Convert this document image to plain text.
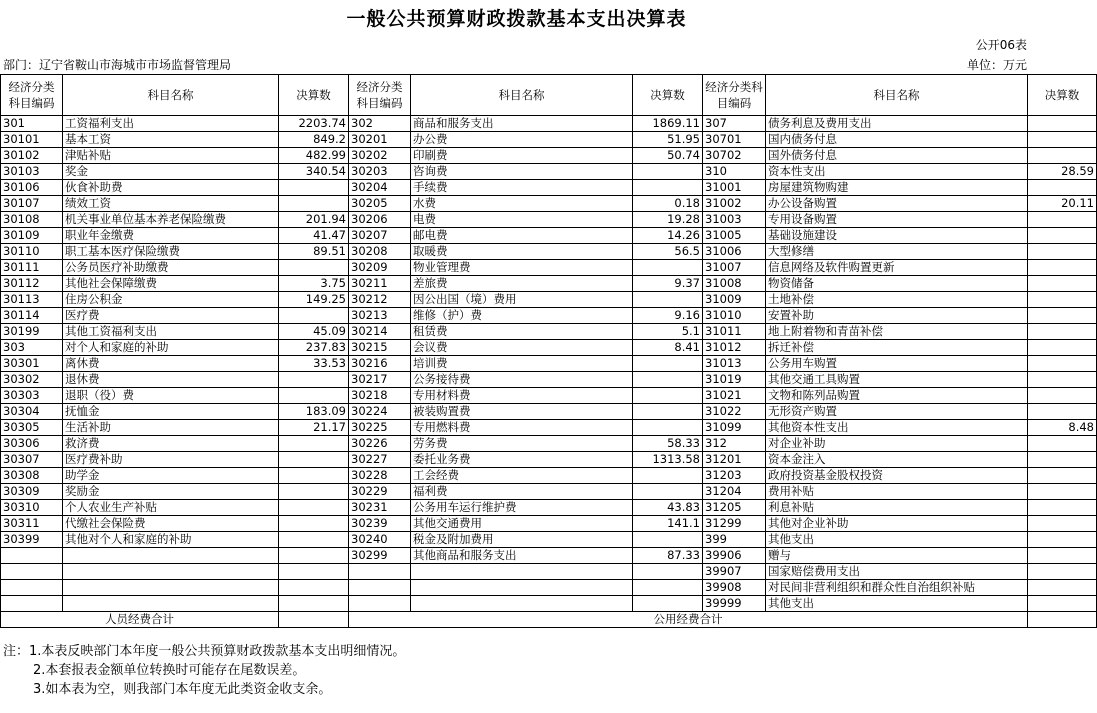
一般公共预算财政拨款基本支出决算表
公开06表
部门：辽宁省鞍山市海城市市场监督管理局	单位：万元
经济分类科目编码	科目名称	决算数	经济分类科目编码	科目名称	决算数	经济分类科目编码	科目名称	决算数
301	工资福利支出	2203.74	302	商品和服务支出	1869.11	307	债务利息及费用支出	
30101	基本工资	849.2	30201	办公费	51.95	30701	国内债务付息	
30102	津贴补贴	482.99	30202	印刷费	50.74	30702	国外债务付息	
30103	奖金	340.54	30203	咨询费		310	资本性支出	28.59
30106	伙食补助费		30204	手续费		31001	房屋建筑物购建	
30107	绩效工资		30205	水费	0.18	31002	办公设备购置	20.11
30108	机关事业单位基本养老保险缴费	201.94	30206	电费	19.28	31003	专用设备购置	
30109	职业年金缴费	41.47	30207	邮电费	14.26	31005	基础设施建设	
30110	职工基本医疗保险缴费	89.51	30208	取暖费	56.5	31006	大型修缮	
30111	公务员医疗补助缴费		30209	物业管理费		31007	信息网络及软件购置更新	
30112	其他社会保障缴费	3.75	30211	差旅费	9.37	31008	物资储备	
30113	住房公积金	149.25	30212	因公出国（境）费用		31009	土地补偿	
30114	医疗费		30213	维修（护）费	9.16	31010	安置补助	
30199	其他工资福利支出	45.09	30214	租赁费	5.1	31011	地上附着物和青苗补偿	
303	对个人和家庭的补助	237.83	30215	会议费	8.41	31012	拆迁补偿	
30301	离休费	33.53	30216	培训费		31013	公务用车购置	
30302	退休费		30217	公务接待费		31019	其他交通工具购置	
30303	退职（役）费		30218	专用材料费		31021	文物和陈列品购置	
30304	抚恤金	183.09	30224	被装购置费		31022	无形资产购置	
30305	生活补助	21.17	30225	专用燃料费		31099	其他资本性支出	8.48
30306	救济费		30226	劳务费	58.33	312	对企业补助	
30307	医疗费补助		30227	委托业务费	1313.58	31201	资本金注入	
30308	助学金		30228	工会经费		31203	政府投资基金股权投资	
30309	奖励金		30229	福利费		31204	费用补贴	
30310	个人农业生产补贴		30231	公务用车运行维护费	43.83	31205	利息补贴	
30311	代缴社会保险费		30239	其他交通费用	141.1	31299	其他对企业补助	
30399	其他对个人和家庭的补助		30240	税金及附加费用		399	其他支出	
			30299	其他商品和服务支出	87.33	39906	赠与	
						39907	国家赔偿费用支出	
						39908	对民间非营利组织和群众性自治组织补贴	
						39999	其他支出	
人员经费合计			公用经费合计					
注：1.本表反映部门本年度一般公共预算财政拨款基本支出明细情况。
2.本套报表金额单位转换时可能存在尾数误差。
3.如本表为空，则我部门本年度无此类资金收支余。
